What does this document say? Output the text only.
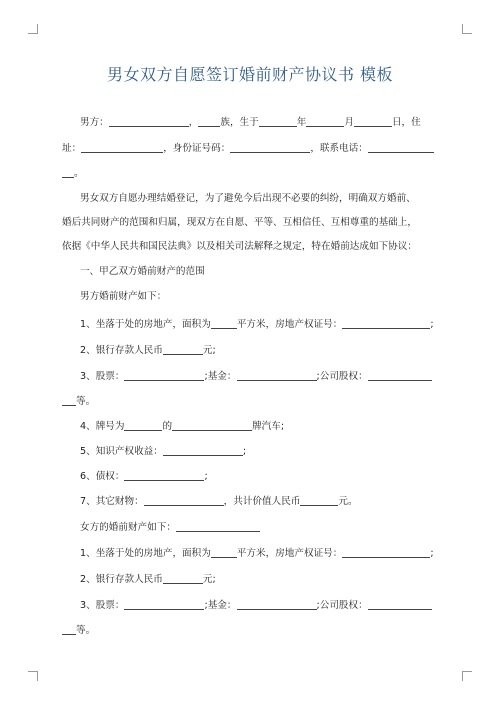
男女双方自愿签订婚前财产协议书 模板
男方：	， 族，生于	年	月	日，住
址：	，身份证号码：	，联系电话：
。
男女双方自愿办理结婚登记，为了避免今后出现不必要的纠纷，明确双方婚前、
婚后共同财产的范围和归属，现双方在自愿、平等、互相信任、互相尊重的基础上，
依据《中华人民共和国民法典》以及相关司法解释之规定，特在婚前达成如下协议：
一、甲乙双方婚前财产的范围
男方婚前财产如下：
1、坐落于处的房地产，面积为	平方米，房地产权证号：	;
2、银行存款人民币	元;
3、股票：	;基金：	;公司股权：
等。
4、牌号为	的	牌汽车;
5、知识产权收益：	;
6、债权：	;
7、其它财物：	，共计价值人民币	元。
女方的婚前财产如下：
1、坐落于处的房地产，面积为	平方米，房地产权证号：	;
2、银行存款人民币	元;
3、股票：	;基金：	;公司股权：
等。
